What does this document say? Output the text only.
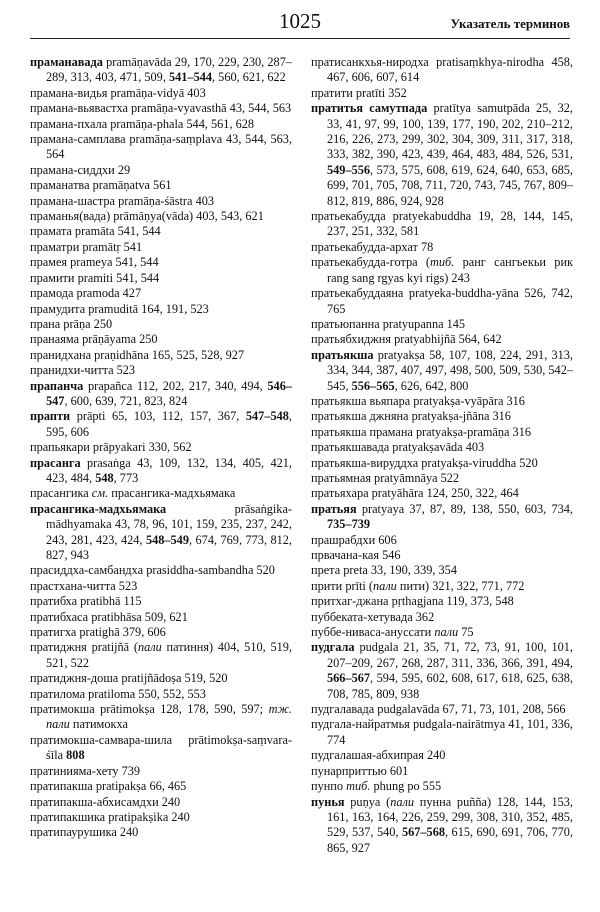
1025	Указатель терминов
праманавада pramāṇavāda 29, 170, 229, 230, 287–289, 313, 403, 471, 509, 541–544, 560, 621, 622
прамана-видья pramāṇa-vidyā 403
прамана-вьявастха pramāṇa-vyavasthā 43, 544, 563
прамана-пхала pramāṇa-phala 544, 561, 628
прамана-самплава pramāṇa-saṃplava 43, 544, 563, 564
прамана-сиддхи 29
праманатва pramāṇatva 561
прамана-шастра pramāṇa-śāstra 403
праманья(вада) prāmāṇya(vāda) 403, 543, 621
праматa pramāta 541, 544
праматри pramātṛ 541
прамея prameya 541, 544
прамити pramiti 541, 544
прамода pramoda 427
прамудита pramuditā 164, 191, 523
прана prāṇa 250
пранаяма prāṇāyama 250
пранидхана praṇidhāna 165, 525, 528, 927
пранидхи-читта 523
прапанча prapañca 112, 202, 217, 340, 494, 546–547, 600, 639, 721, 823, 824
прапти prāpti 65, 103, 112, 157, 367, 547–548, 595, 606
прапьякари prāpyakari 330, 562
прасанга prasaṅga 43, 109, 132, 134, 405, 421, 423, 484, 548, 773
прасангика см. прасангика-мадхьямака
прасангика-мадхьямака prāsaṅgika-mādhyamaka 43, 78, 96, 101, 159, 235, 237, 242, 243, 281, 423, 424, 548–549, 674, 769, 773, 812, 827, 943
прасиддха-самбандха prasiddha-sambandha 520
прастхана-читта 523
пратибха pratibhā 115
пратибхаса pratibhāsa 509, 621
пратигха pratighā 379, 606
пратиджня pratijñā (пали патиння) 404, 510, 519, 521, 522
пратиджня-доша pratijñādoṣa 519, 520
пратилома pratiloma 550, 552, 553
пратимокша prātimokṣa 128, 178, 590, 597; тж. пали патимокха
пратимокша-самвара-шила prātimokṣa-saṃvara-śīla 808
пратинияма-хету 739
пратипакша pratipakṣa 66, 465
пратипакша-абхисамдхи 240
пратипакшика pratipakṣika 240
пратипаурушика 240
пратисанкхья-ниродха pratisaṃkhya-nirodha 458, 467, 606, 607, 614
пратити pratīti 352
пратитья самутпада pratītya samutpāda 25, 32, 33, 41, 97, 99, 100, 139, 177, 190, 202, 210–212, 216, 226, 273, 299, 302, 304, 309, 311, 317, 318, 333, 382, 390, 423, 439, 464, 483, 484, 526, 531, 549–556, 573, 575, 608, 619, 624, 640, 653, 685, 699, 701, 705, 708, 711, 720, 743, 745, 767, 809–812, 819, 886, 924, 928
пратьекабудда pratyekabuddha 19, 28, 144, 145, 237, 251, 332, 581
пратьекабудда-архат 78
пратьекабудда-готра (тиб. ранг сангьекьи рик rang sang rgyas kyi rigs) 243
пратьекабуддаяна pratyeka-buddha-yāna 526, 742, 765
пратьюпанна pratyupanna 145
пратьябхиджня pratyabhijñā 564, 642
пратьякша pratyakṣa 58, 107, 108, 224, 291, 313, 334, 344, 387, 407, 497, 498, 500, 509, 530, 542–545, 556–565, 626, 642, 800
пратьякша вьяпара pratyakṣa-vyāpāra 316
пратьякша джняна pratyakṣa-jñāna 316
пратьякша прамана pratyakṣa-pramāṇa 316
пратьякшавада pratyakṣavāda 403
пратьякша-вируддха pratyakṣa-viruddha 520
пратьямная pratyāmnāya 522
пратьяхара pratyāhāra 124, 250, 322, 464
пратьяя pratyaya 37, 87, 89, 138, 550, 603, 734, 735–739
прашрабдхи 606
првачана-кая 546
прета preta 33, 190, 339, 354
прити prīti (пали пити) 321, 322, 771, 772
притхаг-джана pṛthagjana 119, 373, 548
пуббекатa-хетувада 362
пуббе-ниваса-ануссати пали 75
пудгала pudgala 21, 35, 71, 72, 73, 91, 100, 101, 207–209, 267, 268, 287, 311, 336, 366, 391, 494, 566–567, 594, 595, 602, 608, 617, 618, 625, 638, 708, 785, 809, 938
пудгалавада pudgalavāda 67, 71, 73, 101, 208, 566
пудгала-найратмья pudgala-nairātmya 41, 101, 336, 774
пудгалашая-абхипрая 240
пунарприттью 601
пунпо тиб. phung po 555
пунья puṇya (пали пунна puñña) 128, 144, 153, 161, 163, 164, 226, 259, 299, 308, 310, 352, 485, 529, 537, 540, 567–568, 615, 690, 691, 706, 770, 865, 927
